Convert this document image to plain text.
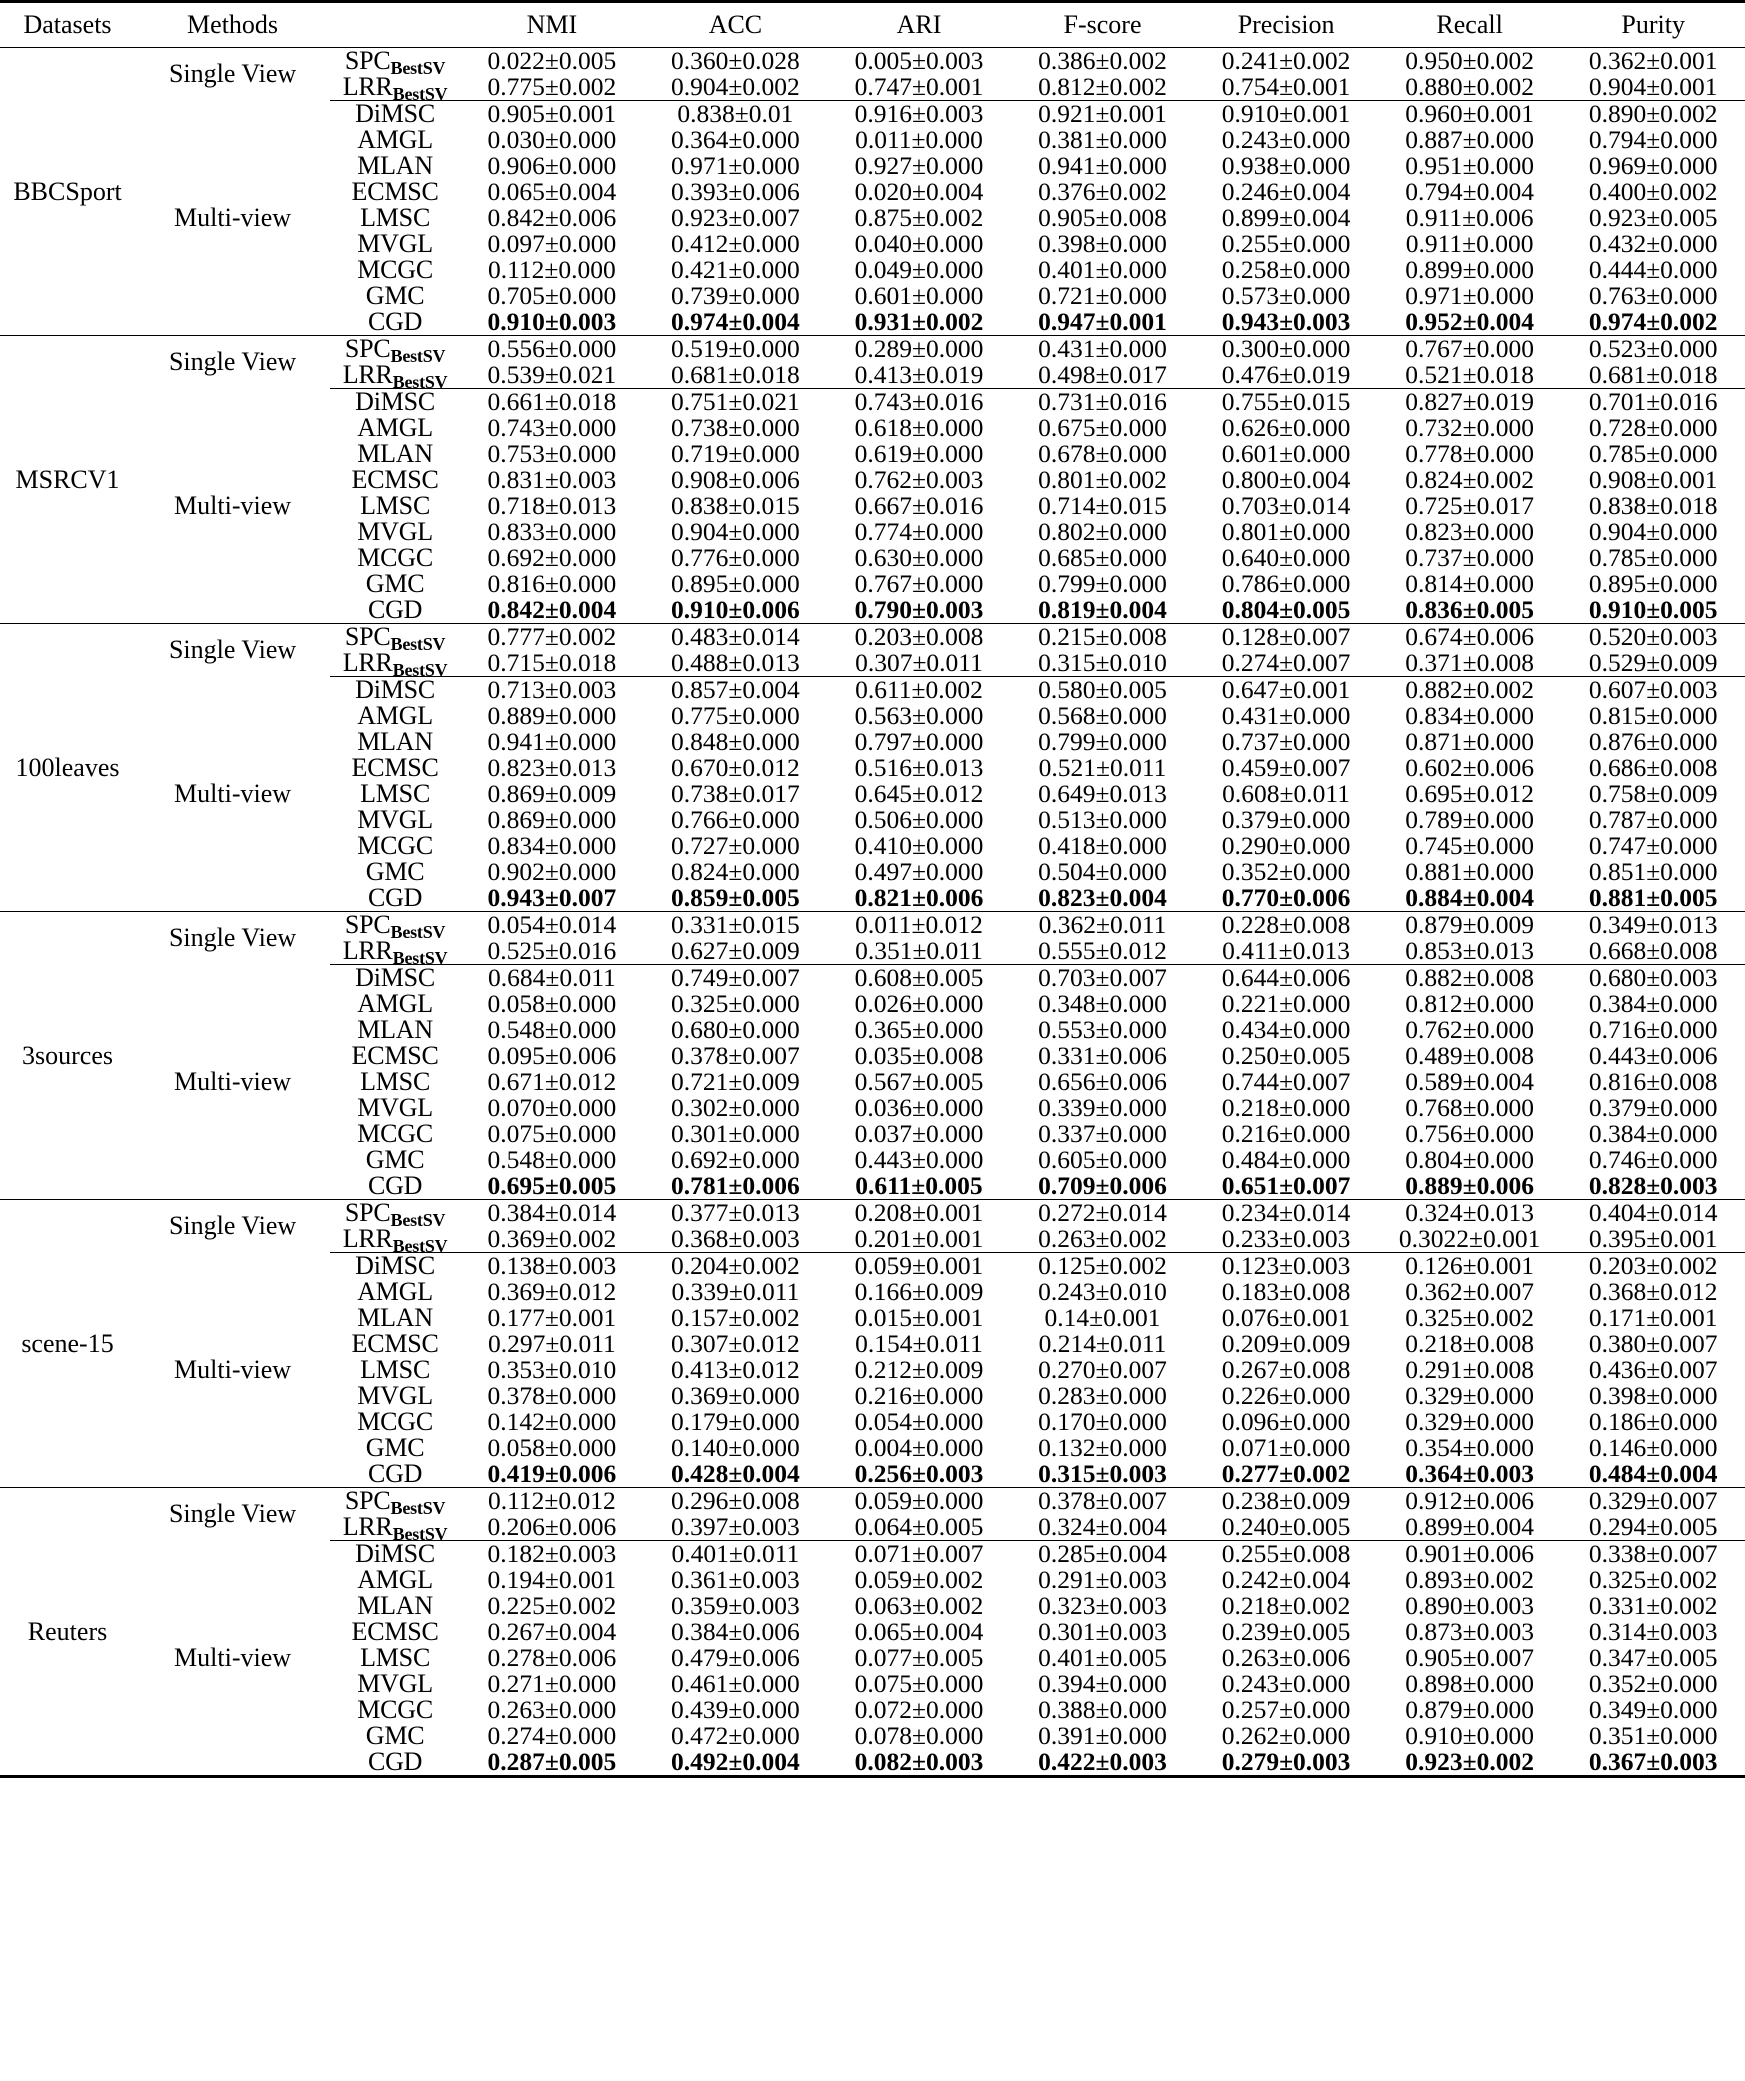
Datasets	Methods		NMI	ACC	ARI	F-score	Precision	Recall	Purity
BBCSport	Single View	SPCBestSV	0.022±0.005	0.360±0.028	0.005±0.003	0.386±0.002	0.241±0.002	0.950±0.002	0.362±0.001
		LRRBestSV	0.775±0.002	0.904±0.002	0.747±0.001	0.812±0.002	0.754±0.001	0.880±0.002	0.904±0.001
	Multi-view	DiMSC	0.905±0.001	0.838±0.01	0.916±0.003	0.921±0.001	0.910±0.001	0.960±0.001	0.890±0.002
		AMGL	0.030±0.000	0.364±0.000	0.011±0.000	0.381±0.000	0.243±0.000	0.887±0.000	0.794±0.000
		MLAN	0.906±0.000	0.971±0.000	0.927±0.000	0.941±0.000	0.938±0.000	0.951±0.000	0.969±0.000
		ECMSC	0.065±0.004	0.393±0.006	0.020±0.004	0.376±0.002	0.246±0.004	0.794±0.004	0.400±0.002
		LMSC	0.842±0.006	0.923±0.007	0.875±0.002	0.905±0.008	0.899±0.004	0.911±0.006	0.923±0.005
		MVGL	0.097±0.000	0.412±0.000	0.040±0.000	0.398±0.000	0.255±0.000	0.911±0.000	0.432±0.000
		MCGC	0.112±0.000	0.421±0.000	0.049±0.000	0.401±0.000	0.258±0.000	0.899±0.000	0.444±0.000
		GMC	0.705±0.000	0.739±0.000	0.601±0.000	0.721±0.000	0.573±0.000	0.971±0.000	0.763±0.000
		CGD	0.910±0.003	0.974±0.004	0.931±0.002	0.947±0.001	0.943±0.003	0.952±0.004	0.974±0.002
MSRCV1	Single View	SPCBestSV	0.556±0.000	0.519±0.000	0.289±0.000	0.431±0.000	0.300±0.000	0.767±0.000	0.523±0.000
		LRRBestSV	0.539±0.021	0.681±0.018	0.413±0.019	0.498±0.017	0.476±0.019	0.521±0.018	0.681±0.018
	Multi-view	DiMSC	0.661±0.018	0.751±0.021	0.743±0.016	0.731±0.016	0.755±0.015	0.827±0.019	0.701±0.016
		AMGL	0.743±0.000	0.738±0.000	0.618±0.000	0.675±0.000	0.626±0.000	0.732±0.000	0.728±0.000
		MLAN	0.753±0.000	0.719±0.000	0.619±0.000	0.678±0.000	0.601±0.000	0.778±0.000	0.785±0.000
		ECMSC	0.831±0.003	0.908±0.006	0.762±0.003	0.801±0.002	0.800±0.004	0.824±0.002	0.908±0.001
		LMSC	0.718±0.013	0.838±0.015	0.667±0.016	0.714±0.015	0.703±0.014	0.725±0.017	0.838±0.018
		MVGL	0.833±0.000	0.904±0.000	0.774±0.000	0.802±0.000	0.801±0.000	0.823±0.000	0.904±0.000
		MCGC	0.692±0.000	0.776±0.000	0.630±0.000	0.685±0.000	0.640±0.000	0.737±0.000	0.785±0.000
		GMC	0.816±0.000	0.895±0.000	0.767±0.000	0.799±0.000	0.786±0.000	0.814±0.000	0.895±0.000
		CGD	0.842±0.004	0.910±0.006	0.790±0.003	0.819±0.004	0.804±0.005	0.836±0.005	0.910±0.005
100leaves	Single View	SPCBestSV	0.777±0.002	0.483±0.014	0.203±0.008	0.215±0.008	0.128±0.007	0.674±0.006	0.520±0.003
		LRRBestSV	0.715±0.018	0.488±0.013	0.307±0.011	0.315±0.010	0.274±0.007	0.371±0.008	0.529±0.009
	Multi-view	DiMSC	0.713±0.003	0.857±0.004	0.611±0.002	0.580±0.005	0.647±0.001	0.882±0.002	0.607±0.003
		AMGL	0.889±0.000	0.775±0.000	0.563±0.000	0.568±0.000	0.431±0.000	0.834±0.000	0.815±0.000
		MLAN	0.941±0.000	0.848±0.000	0.797±0.000	0.799±0.000	0.737±0.000	0.871±0.000	0.876±0.000
		ECMSC	0.823±0.013	0.670±0.012	0.516±0.013	0.521±0.011	0.459±0.007	0.602±0.006	0.686±0.008
		LMSC	0.869±0.009	0.738±0.017	0.645±0.012	0.649±0.013	0.608±0.011	0.695±0.012	0.758±0.009
		MVGL	0.869±0.000	0.766±0.000	0.506±0.000	0.513±0.000	0.379±0.000	0.789±0.000	0.787±0.000
		MCGC	0.834±0.000	0.727±0.000	0.410±0.000	0.418±0.000	0.290±0.000	0.745±0.000	0.747±0.000
		GMC	0.902±0.000	0.824±0.000	0.497±0.000	0.504±0.000	0.352±0.000	0.881±0.000	0.851±0.000
		CGD	0.943±0.007	0.859±0.005	0.821±0.006	0.823±0.004	0.770±0.006	0.884±0.004	0.881±0.005
3sources	Single View	SPCBestSV	0.054±0.014	0.331±0.015	0.011±0.012	0.362±0.011	0.228±0.008	0.879±0.009	0.349±0.013
		LRRBestSV	0.525±0.016	0.627±0.009	0.351±0.011	0.555±0.012	0.411±0.013	0.853±0.013	0.668±0.008
	Multi-view	DiMSC	0.684±0.011	0.749±0.007	0.608±0.005	0.703±0.007	0.644±0.006	0.882±0.008	0.680±0.003
		AMGL	0.058±0.000	0.325±0.000	0.026±0.000	0.348±0.000	0.221±0.000	0.812±0.000	0.384±0.000
		MLAN	0.548±0.000	0.680±0.000	0.365±0.000	0.553±0.000	0.434±0.000	0.762±0.000	0.716±0.000
		ECMSC	0.095±0.006	0.378±0.007	0.035±0.008	0.331±0.006	0.250±0.005	0.489±0.008	0.443±0.006
		LMSC	0.671±0.012	0.721±0.009	0.567±0.005	0.656±0.006	0.744±0.007	0.589±0.004	0.816±0.008
		MVGL	0.070±0.000	0.302±0.000	0.036±0.000	0.339±0.000	0.218±0.000	0.768±0.000	0.379±0.000
		MCGC	0.075±0.000	0.301±0.000	0.037±0.000	0.337±0.000	0.216±0.000	0.756±0.000	0.384±0.000
		GMC	0.548±0.000	0.692±0.000	0.443±0.000	0.605±0.000	0.484±0.000	0.804±0.000	0.746±0.000
		CGD	0.695±0.005	0.781±0.006	0.611±0.005	0.709±0.006	0.651±0.007	0.889±0.006	0.828±0.003
scene-15	Single View	SPCBestSV	0.384±0.014	0.377±0.013	0.208±0.001	0.272±0.014	0.234±0.014	0.324±0.013	0.404±0.014
		LRRBestSV	0.369±0.002	0.368±0.003	0.201±0.001	0.263±0.002	0.233±0.003	0.3022±0.001	0.395±0.001
	Multi-view	DiMSC	0.138±0.003	0.204±0.002	0.059±0.001	0.125±0.002	0.123±0.003	0.126±0.001	0.203±0.002
		AMGL	0.369±0.012	0.339±0.011	0.166±0.009	0.243±0.010	0.183±0.008	0.362±0.007	0.368±0.012
		MLAN	0.177±0.001	0.157±0.002	0.015±0.001	0.14±0.001	0.076±0.001	0.325±0.002	0.171±0.001
		ECMSC	0.297±0.011	0.307±0.012	0.154±0.011	0.214±0.011	0.209±0.009	0.218±0.008	0.380±0.007
		LMSC	0.353±0.010	0.413±0.012	0.212±0.009	0.270±0.007	0.267±0.008	0.291±0.008	0.436±0.007
		MVGL	0.378±0.000	0.369±0.000	0.216±0.000	0.283±0.000	0.226±0.000	0.329±0.000	0.398±0.000
		MCGC	0.142±0.000	0.179±0.000	0.054±0.000	0.170±0.000	0.096±0.000	0.329±0.000	0.186±0.000
		GMC	0.058±0.000	0.140±0.000	0.004±0.000	0.132±0.000	0.071±0.000	0.354±0.000	0.146±0.000
		CGD	0.419±0.006	0.428±0.004	0.256±0.003	0.315±0.003	0.277±0.002	0.364±0.003	0.484±0.004
Reuters	Single View	SPCBestSV	0.112±0.012	0.296±0.008	0.059±0.000	0.378±0.007	0.238±0.009	0.912±0.006	0.329±0.007
		LRRBestSV	0.206±0.006	0.397±0.003	0.064±0.005	0.324±0.004	0.240±0.005	0.899±0.004	0.294±0.005
	Multi-view	DiMSC	0.182±0.003	0.401±0.011	0.071±0.007	0.285±0.004	0.255±0.008	0.901±0.006	0.338±0.007
		AMGL	0.194±0.001	0.361±0.003	0.059±0.002	0.291±0.003	0.242±0.004	0.893±0.002	0.325±0.002
		MLAN	0.225±0.002	0.359±0.003	0.063±0.002	0.323±0.003	0.218±0.002	0.890±0.003	0.331±0.002
		ECMSC	0.267±0.004	0.384±0.006	0.065±0.004	0.301±0.003	0.239±0.005	0.873±0.003	0.314±0.003
		LMSC	0.278±0.006	0.479±0.006	0.077±0.005	0.401±0.005	0.263±0.006	0.905±0.007	0.347±0.005
		MVGL	0.271±0.000	0.461±0.000	0.075±0.000	0.394±0.000	0.243±0.000	0.898±0.000	0.352±0.000
		MCGC	0.263±0.000	0.439±0.000	0.072±0.000	0.388±0.000	0.257±0.000	0.879±0.000	0.349±0.000
		GMC	0.274±0.000	0.472±0.000	0.078±0.000	0.391±0.000	0.262±0.000	0.910±0.000	0.351±0.000
		CGD	0.287±0.005	0.492±0.004	0.082±0.003	0.422±0.003	0.279±0.003	0.923±0.002	0.367±0.003
